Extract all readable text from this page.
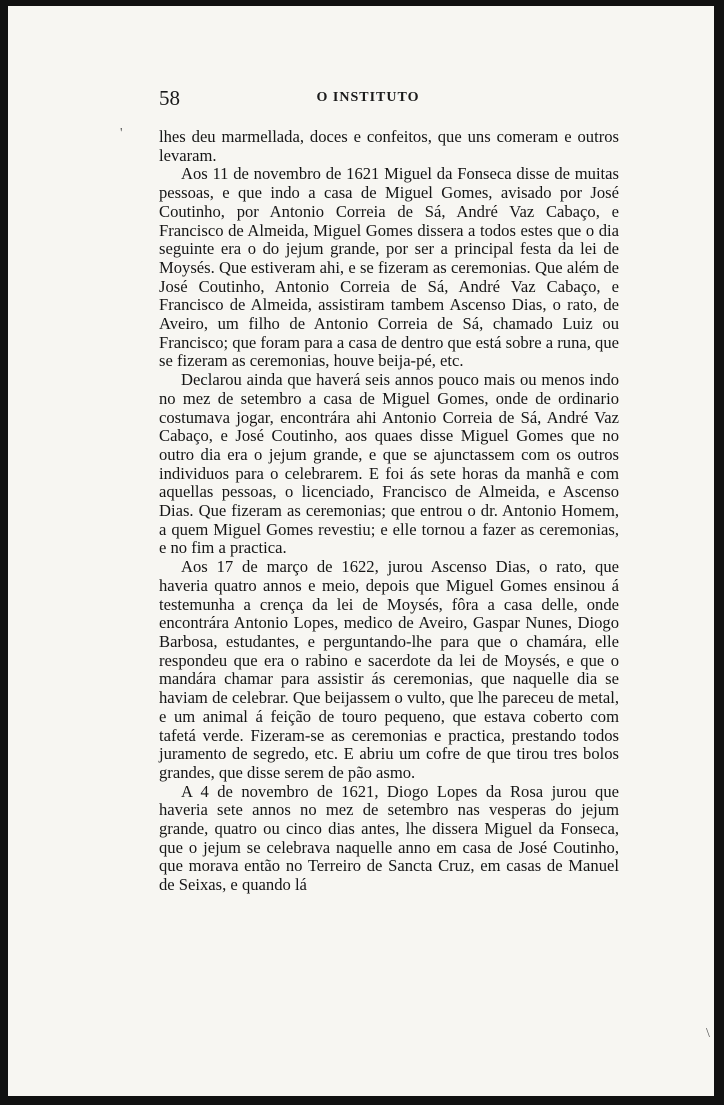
58	O INSTITUTO
'
\

lhes deu marmellada, doces e confeitos, que uns comeram e outros levaram.

Aos 11 de novembro de 1621 Miguel da Fonseca disse de muitas pessoas, e que indo a casa de Miguel Gomes, avisado por José Coutinho, por Antonio Correia de Sá, André Vaz Cabaço, e Francisco de Almeida, Miguel Gomes dissera a todos estes que o dia seguinte era o do jejum grande, por ser a principal festa da lei de Moysés. Que estiveram ahi, e se fizeram as ceremonias. Que além de José Coutinho, Antonio Correia de Sá, André Vaz Cabaço, e Francisco de Almeida, assistiram tambem Ascenso Dias, o rato, de Aveiro, um filho de Antonio Correia de Sá, chamado Luiz ou Francisco; que foram para a casa de dentro que está sobre a runa, que se fizeram as ceremonias, houve beija-pé, etc.

Declarou ainda que haverá seis annos pouco mais ou menos indo no mez de setembro a casa de Miguel Gomes, onde de ordinario costumava jogar, encontrára ahi Antonio Correia de Sá, André Vaz Cabaço, e José Coutinho, aos quaes disse Miguel Gomes que no outro dia era o jejum grande, e que se ajunctassem com os outros individuos para o celebrarem. E foi ás sete horas da manhã e com aquellas pessoas, o licenciado, Francisco de Almeida, e Ascenso Dias. Que fizeram as ceremonias; que entrou o dr. Antonio Homem, a quem Miguel Gomes revestiu; e elle tornou a fazer as ceremonias, e no fim a practica.

Aos 17 de março de 1622, jurou Ascenso Dias, o rato, que haveria quatro annos e meio, depois que Miguel Gomes ensinou á testemunha a crença da lei de Moysés, fôra a casa delle, onde encontrára Antonio Lopes, medico de Aveiro, Gaspar Nunes, Diogo Barbosa, estudantes, e perguntando-lhe para que o chamára, elle respondeu que era o rabino e sacerdote da lei de Moysés, e que o mandára chamar para assistir ás ceremonias, que naquelle dia se haviam de celebrar. Que beijassem o vulto, que lhe pareceu de metal, e um animal á feição de touro pequeno, que estava coberto com tafetá verde. Fizeram-se as ceremonias e practica, prestando todos juramento de segredo, etc. E abriu um cofre de que tirou tres bolos grandes, que disse serem de pão asmo.

A 4 de novembro de 1621, Diogo Lopes da Rosa jurou que haveria sete annos no mez de setembro nas vesperas do jejum grande, quatro ou cinco dias antes, lhe dissera Miguel da Fonseca, que o jejum se celebrava naquelle anno em casa de José Coutinho, que morava então no Terreiro de Sancta Cruz, em casas de Manuel de Seixas, e quando lá
